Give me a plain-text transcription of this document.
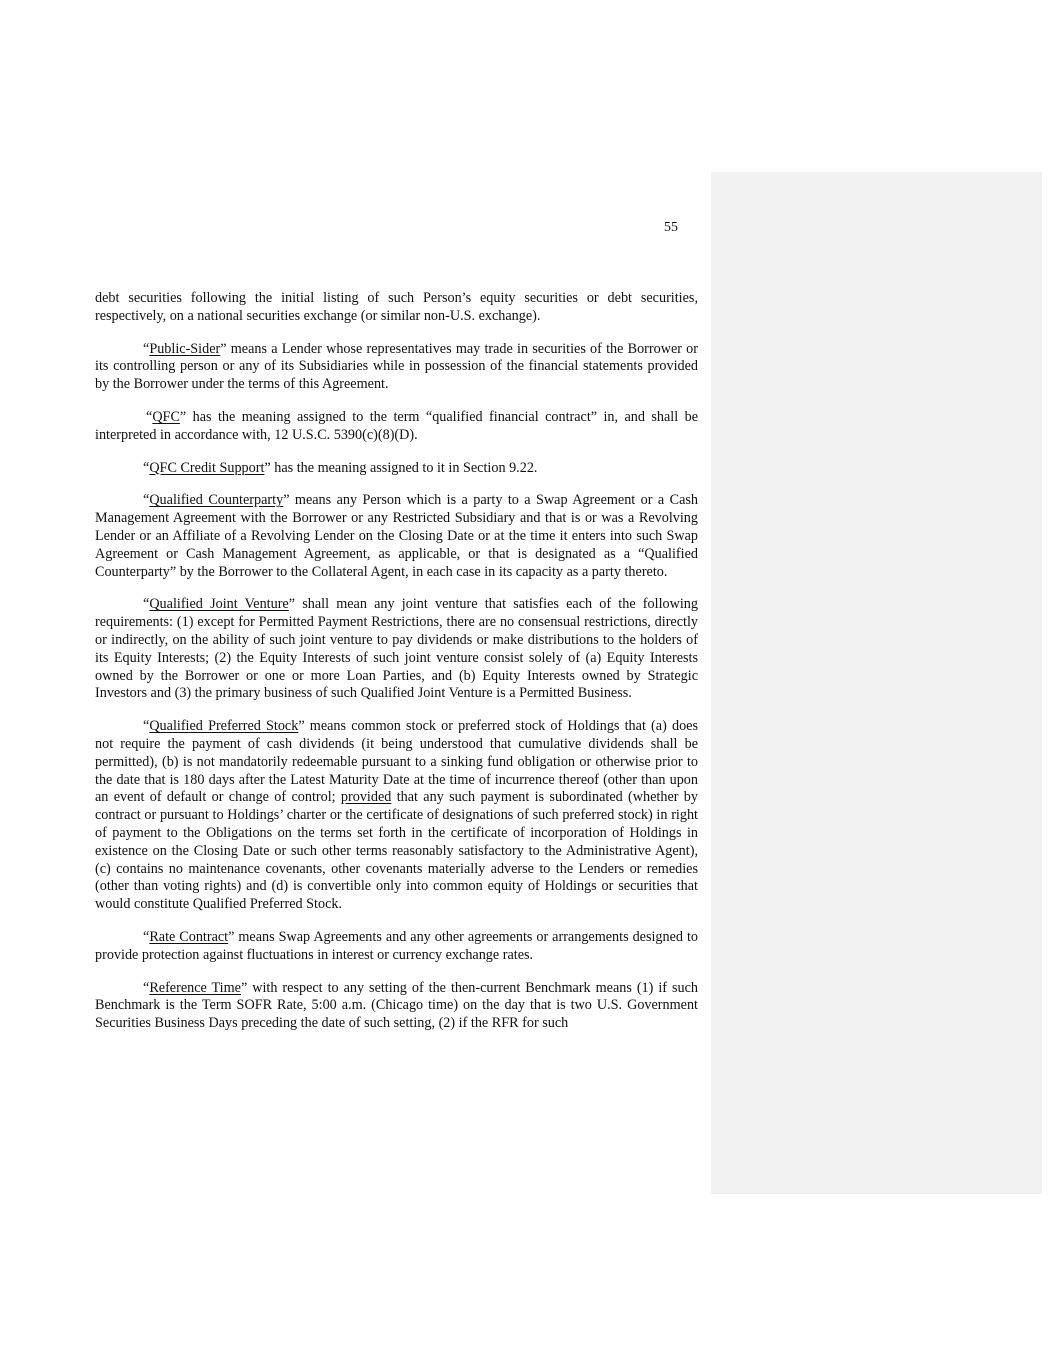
55

debt securities following the initial listing of such Person’s equity securities or debt securities, respectively, on a national securities exchange (or similar non-U.S. exchange).

“Public-Sider” means a Lender whose representatives may trade in securities of the Borrower or its controlling person or any of its Subsidiaries while in possession of the financial statements provided by the Borrower under the terms of this Agreement.

“QFC” has the meaning assigned to the term “qualified financial contract” in, and shall be interpreted in accordance with, 12 U.S.C. 5390(c)(8)(D).

“QFC Credit Support” has the meaning assigned to it in Section 9.22.

“Qualified Counterparty” means any Person which is a party to a Swap Agreement or a Cash Management Agreement with the Borrower or any Restricted Subsidiary and that is or was a Revolving Lender or an Affiliate of a Revolving Lender on the Closing Date or at the time it enters into such Swap Agreement or Cash Management Agreement, as applicable, or that is designated as a “Qualified Counterparty” by the Borrower to the Collateral Agent, in each case in its capacity as a party thereto.

“Qualified Joint Venture” shall mean any joint venture that satisfies each of the following requirements: (1) except for Permitted Payment Restrictions, there are no consensual restrictions, directly or indirectly, on the ability of such joint venture to pay dividends or make distributions to the holders of its Equity Interests; (2) the Equity Interests of such joint venture consist solely of (a) Equity Interests owned by the Borrower or one or more Loan Parties, and (b) Equity Interests owned by Strategic Investors and (3) the primary business of such Qualified Joint Venture is a Permitted Business.

“Qualified Preferred Stock” means common stock or preferred stock of Holdings that (a) does not require the payment of cash dividends (it being understood that cumulative dividends shall be permitted), (b) is not mandatorily redeemable pursuant to a sinking fund obligation or otherwise prior to the date that is 180 days after the Latest Maturity Date at the time of incurrence thereof (other than upon an event of default or change of control; provided that any such payment is subordinated (whether by contract or pursuant to Holdings’ charter or the certificate of designations of such preferred stock) in right of payment to the Obligations on the terms set forth in the certificate of incorporation of Holdings in existence on the Closing Date or such other terms reasonably satisfactory to the Administrative Agent), (c) contains no maintenance covenants, other covenants materially adverse to the Lenders or remedies (other than voting rights) and (d) is convertible only into common equity of Holdings or securities that would constitute Qualified Preferred Stock.

“Rate Contract” means Swap Agreements and any other agreements or arrangements designed to provide protection against fluctuations in interest or currency exchange rates.

“Reference Time” with respect to any setting of the then-current Benchmark means (1) if such Benchmark is the Term SOFR Rate, 5:00 a.m. (Chicago time) on the day that is two U.S. Government Securities Business Days preceding the date of such setting, (2) if the RFR for such
